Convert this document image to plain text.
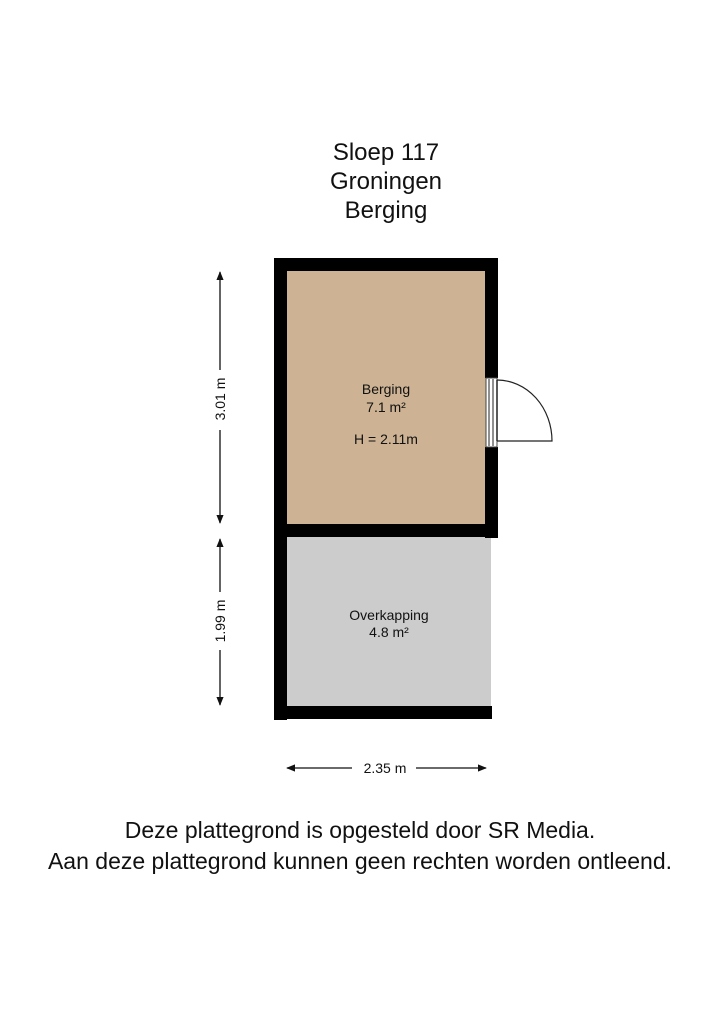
Sloep 117
Groningen
Berging
Berging
7.1 m²
H = 2.11m
Overkapping
4.8 m²
3.01 m
1.99 m
2.35 m
Deze plattegrond is opgesteld door SR Media.
Aan deze plattegrond kunnen geen rechten worden ontleend.
